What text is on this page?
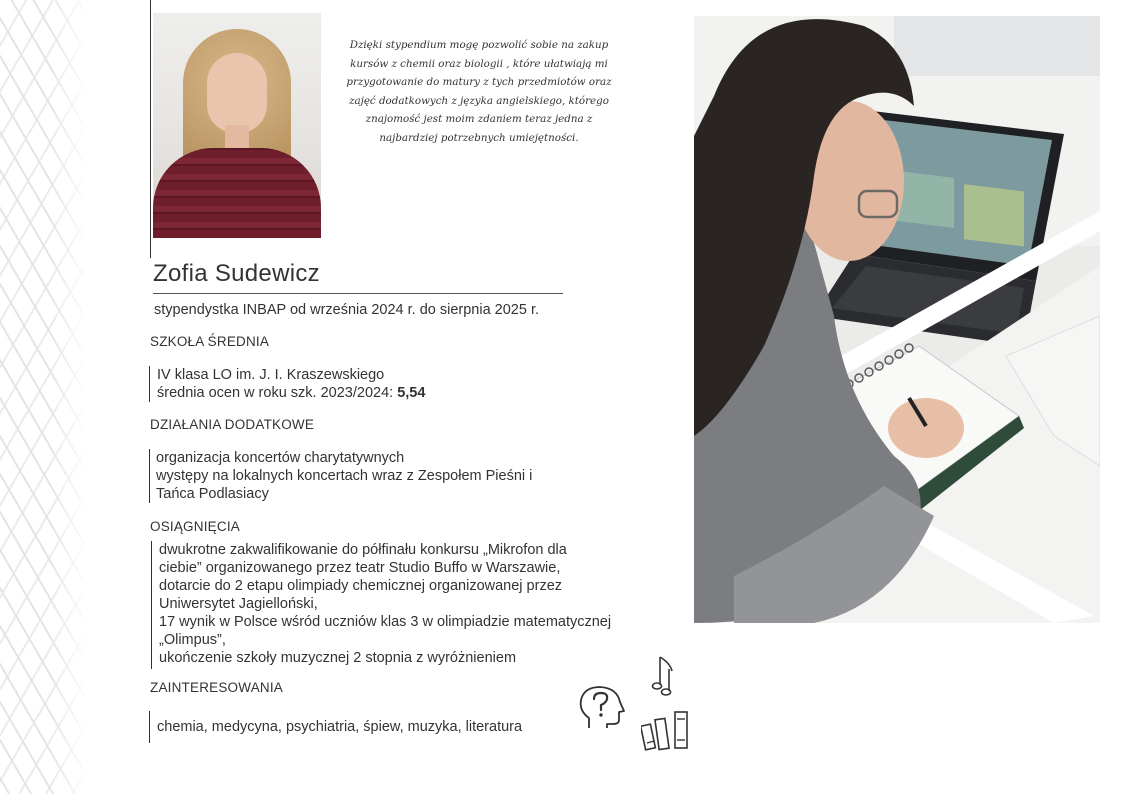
Dzięki stypendium mogę pozwolić sobie na zakup kursów z chemii oraz biologii , które ułatwiają mi przygotowanie do matury z tych przedmiotów oraz zajęć dodatkowych z języka angielskiego, którego znajomość jest moim zdaniem teraz jedna z najbardziej potrzebnych umiejętności.

Zofia Sudewicz
stypendystka INBAP od września 2024 r. do sierpnia 2025 r.
SZKOŁA ŚREDNIA
IV klasa LO im. J. I. Kraszewskiego
średnia ocen w roku szk. 2023/2024: 5,54
DZIAŁANIA DODATKOWE
organizacja koncertów charytatywnych
występy na lokalnych koncertach wraz z Zespołem Pieśni i
Tańca Podlasiacy
OSIĄGNIĘCIA
dwukrotne zakwalifikowanie do półfinału konkursu „Mikrofon dla
ciebie” organizowanego przez teatr Studio Buffo w Warszawie,
dotarcie do 2 etapu olimpiady chemicznej organizowanej przez
Uniwersytet Jagielloński,
17 wynik w Polsce wśród uczniów klas 3 w olimpiadzie matematycznej
„Olimpus”,
ukończenie szkoły muzycznej 2 stopnia z wyróżnieniem
ZAINTERESOWANIA
chemia, medycyna, psychiatria, śpiew, muzyka, literatura
